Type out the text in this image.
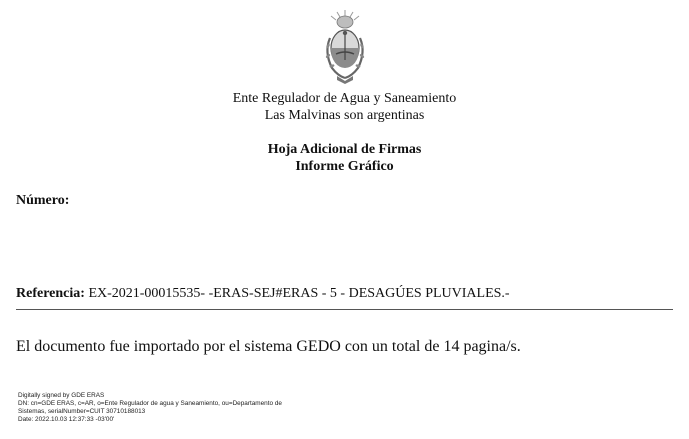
Ente Regulador de Agua y Saneamiento
Las Malvinas son argentinas
Hoja Adicional de Firmas
Informe Gráfico
Número:
Referencia: EX-2021-00015535- -ERAS-SEJ#ERAS - 5 - DESAGÚES PLUVIALES.-
El documento fue importado por el sistema GEDO con un total de 14 pagina/s.
Digitally signed by GDE ERAS
DN: cn=GDE ERAS, c=AR, o=Ente Regulador de agua y Saneamiento, ou=Departamento de
Sistemas, serialNumber=CUIT 30710188013
Date: 2022.10.03 12:37:33 -03'00'
